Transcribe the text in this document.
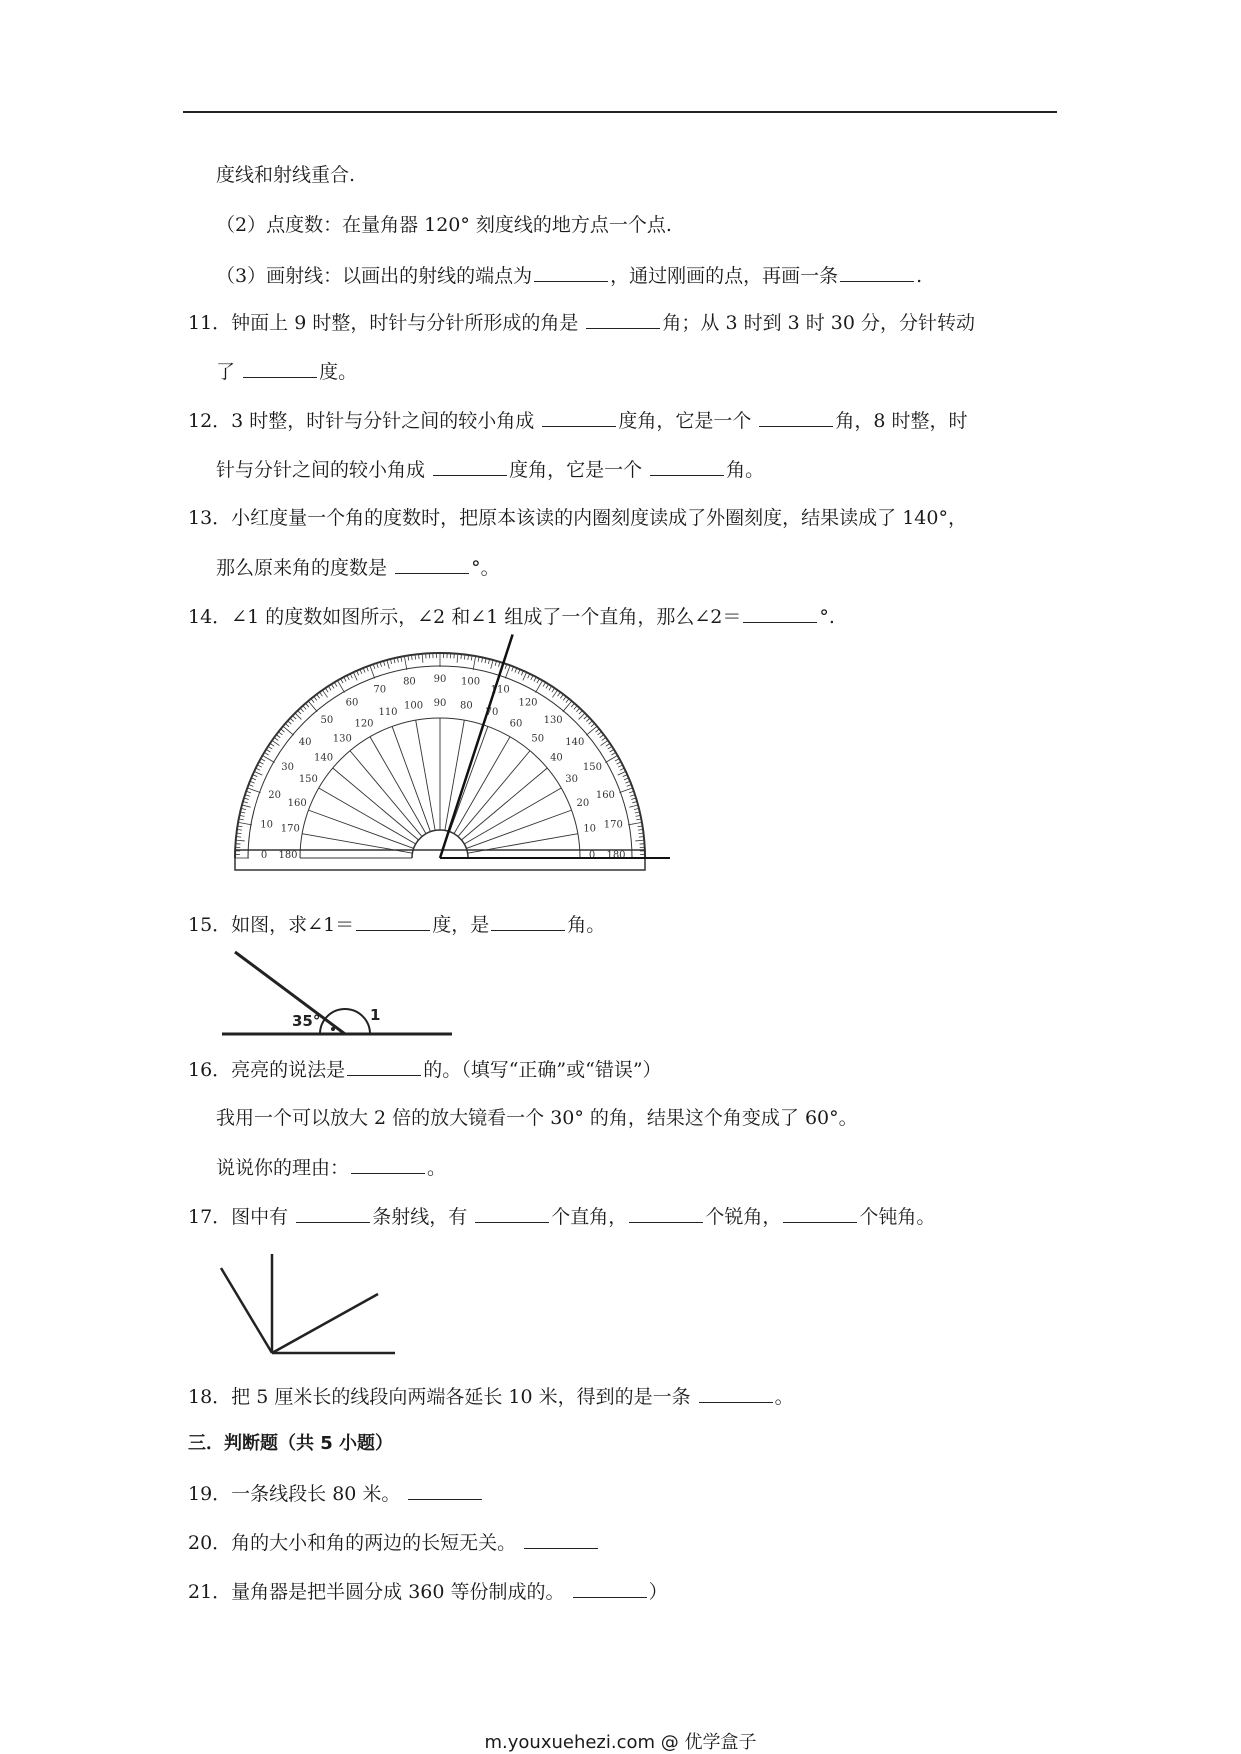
度线和射线重合.
（2）点度数：在量角器 120° 刻度线的地方点一个点.
（3）画射线：以画出的射线的端点为	，通过刚画的点，再画一条	.
11．钟面上 9 时整，时针与分针所形成的角是	角；从 3 时到 3 时 30 分，分针转动
了	度。
12．3 时整，时针与分针之间的较小角成	度角，它是一个	角，8 时整，时
针与分针之间的较小角成	度角，它是一个	角。
13．小红度量一个角的度数时，把原本该读的内圈刻度读成了外圈刻度，结果读成了 140°，
那么原来角的度数是	°。
14．∠1 的度数如图所示，∠2 和∠1 组成了一个直角，那么∠2＝	°.
180
0
170
10
160
20
150
30
140
40
130
50
120
60
110
70
100
80
90
90
80
100
70
110
60
120
50
130
40
140
30
150
20
160
10 170
0 180
15．如图，求∠1＝	度，是	角。
35°	1
16．亮亮的说法是	的。（填写“正确”或“错误”）
我用一个可以放大 2 倍的放大镜看一个 30° 的角，结果这个角变成了 60°。
说说你的理由：	。
17．图中有	条射线，有	个直角，	个锐角，	个钝角。
18．把 5 厘米长的线段向两端各延长 10 米，得到的是一条	。
三．判断题（共 5 小题）
19．一条线段长 80 米。
20．角的大小和角的两边的长短无关。
21．量角器是把半圆分成 360 等份制成的。	）
m.youxuehezi.com @ 优学盒子
